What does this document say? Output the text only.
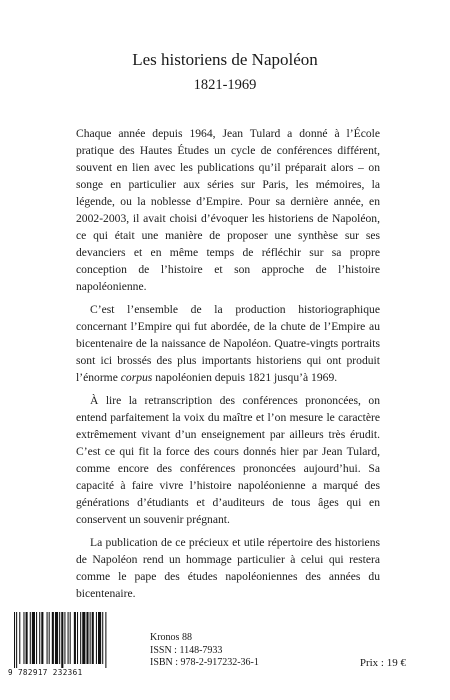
Les historiens de Napoléon
1821-1969

Chaque année depuis 1964, Jean Tulard a donné à l’École pratique des Hautes Études un cycle de conférences différent, souvent en lien avec les publications qu’il préparait alors – on songe en particulier aux séries sur Paris, les mémoires, la légende, ou la noblesse d’Empire. Pour sa dernière année, en 2002-2003, il avait choisi d’évoquer les historiens de Napoléon, ce qui était une manière de proposer une synthèse sur ses devanciers et en même temps de réfléchir sur sa propre conception de l’histoire et son approche de l’histoire napoléonienne.

C’est l’ensemble de la production historiographique concernant l’Empire qui fut abordée, de la chute de l’Empire au bicentenaire de la naissance de Napoléon. Quatre-vingts portraits sont ici brossés des plus importants historiens qui ont produit l’énorme corpus napoléonien depuis 1821 jusqu’à 1969.

À lire la retranscription des conférences prononcées, on entend parfaitement la voix du maître et l’on mesure le caractère extrêmement vivant d’un enseignement par ailleurs très érudit. C’est ce qui fit la force des cours donnés hier par Jean Tulard, comme encore des conférences prononcées aujourd’hui. Sa capacité à faire vivre l’histoire napoléonienne a marqué des générations d’étudiants et d’auditeurs de tous âges qui en conservent un souvenir prégnant.

La publication de ce précieux et utile répertoire des historiens de Napoléon rend un hommage particulier à celui qui restera comme le pape des études napoléoniennes des années du bicentenaire.

9 782917 232361
Kronos 88
ISSN : 1148-7933
ISBN : 978-2-917232-36-1	Prix : 19 €
